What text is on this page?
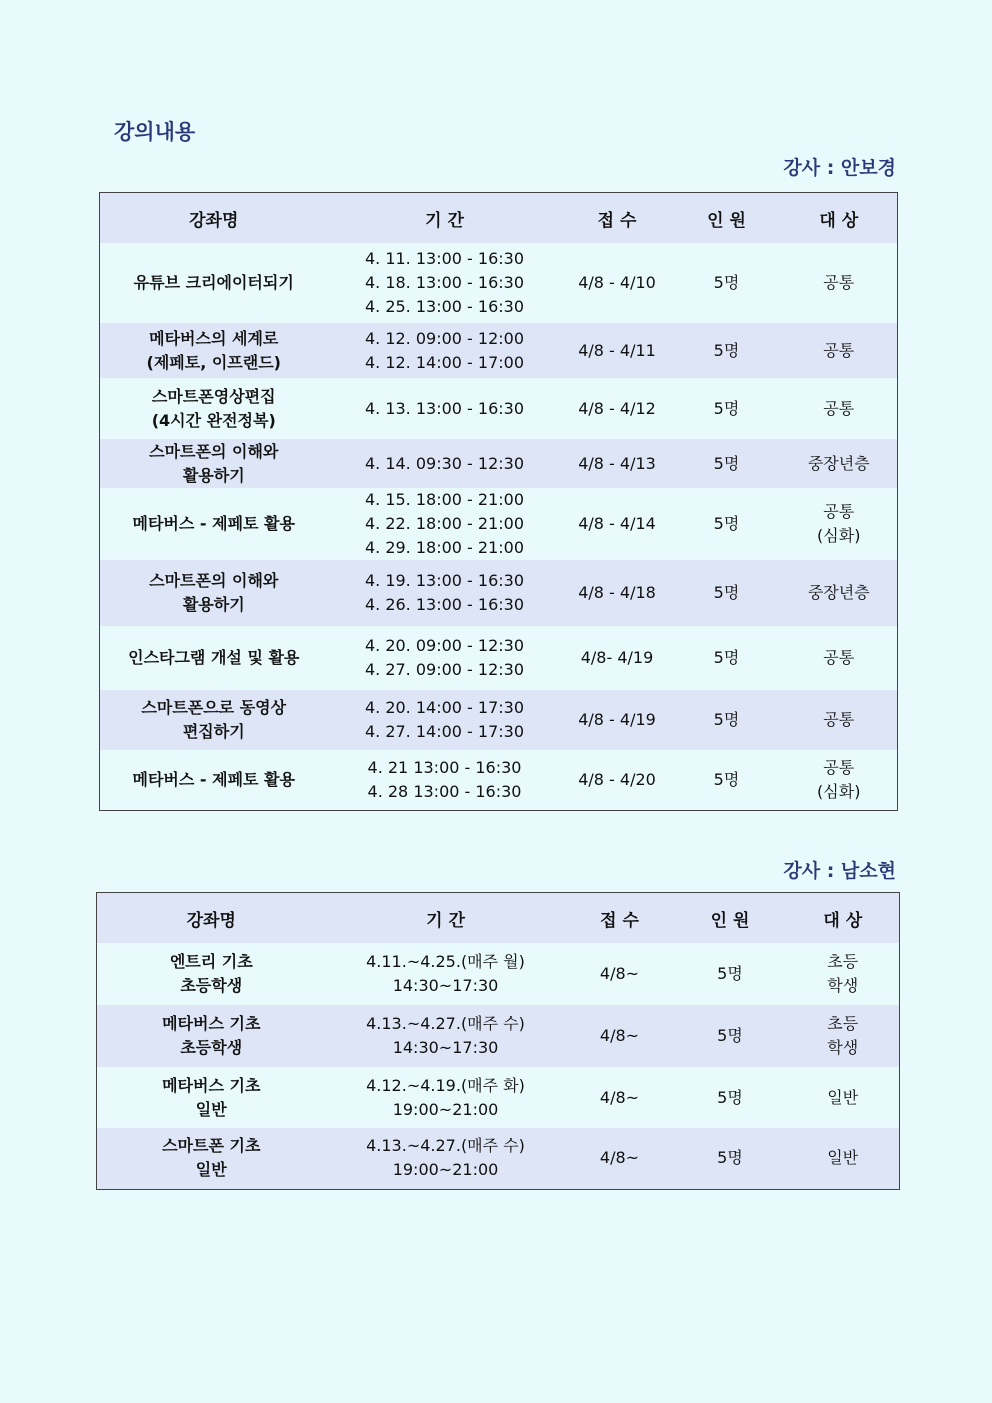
강의내용
강사 : 안보경
강좌명	기 간	접 수	인 원	대 상

유튜브 크리에이터되기	4. 11. 13:00 - 16:30
4. 18. 13:00 - 16:30
4. 25. 13:00 - 16:30	4/8 - 4/10	5명	공통

메타버스의 세계로
(제페토, 이프랜드)	4. 12. 09:00 - 12:00
4. 12. 14:00 - 17:00	4/8 - 4/11	5명	공통

스마트폰영상편집
(4시간 완전정복)	4. 13. 13:00 - 16:30	4/8 - 4/12	5명	공통

스마트폰의 이해와
활용하기	4. 14. 09:30 - 12:30	4/8 - 4/13	5명	중장년층

메타버스 - 제페토 활용	4. 15. 18:00 - 21:00
4. 22. 18:00 - 21:00
4. 29. 18:00 - 21:00	4/8 - 4/14	5명	공통
(심화)

스마트폰의 이해와
활용하기	4. 19. 13:00 - 16:30
4. 26. 13:00 - 16:30	4/8 - 4/18	5명	중장년층

인스타그램 개설 및 활용	4. 20. 09:00 - 12:30
4. 27. 09:00 - 12:30	4/8- 4/19	5명	공통

스마트폰으로 동영상
편집하기	4. 20. 14:00 - 17:30
4. 27. 14:00 - 17:30	4/8 - 4/19	5명	공통

메타버스 - 제페토 활용	4. 21 13:00 - 16:30
4. 28 13:00 - 16:30	4/8 - 4/20	5명	공통
(심화)
강사 : 남소현
강좌명	기 간	접 수	인 원	대 상

엔트리 기초
초등학생	4.11.~4.25.(매주 월)
14:30~17:30	4/8~	5명	초등
학생

메타버스 기초
초등학생	4.13.~4.27.(매주 수)
14:30~17:30	4/8~	5명	초등
학생

메타버스 기초
일반	4.12.~4.19.(매주 화)
19:00~21:00	4/8~	5명	일반

스마트폰 기초
일반	4.13.~4.27.(매주 수)
19:00~21:00	4/8~	5명	일반
